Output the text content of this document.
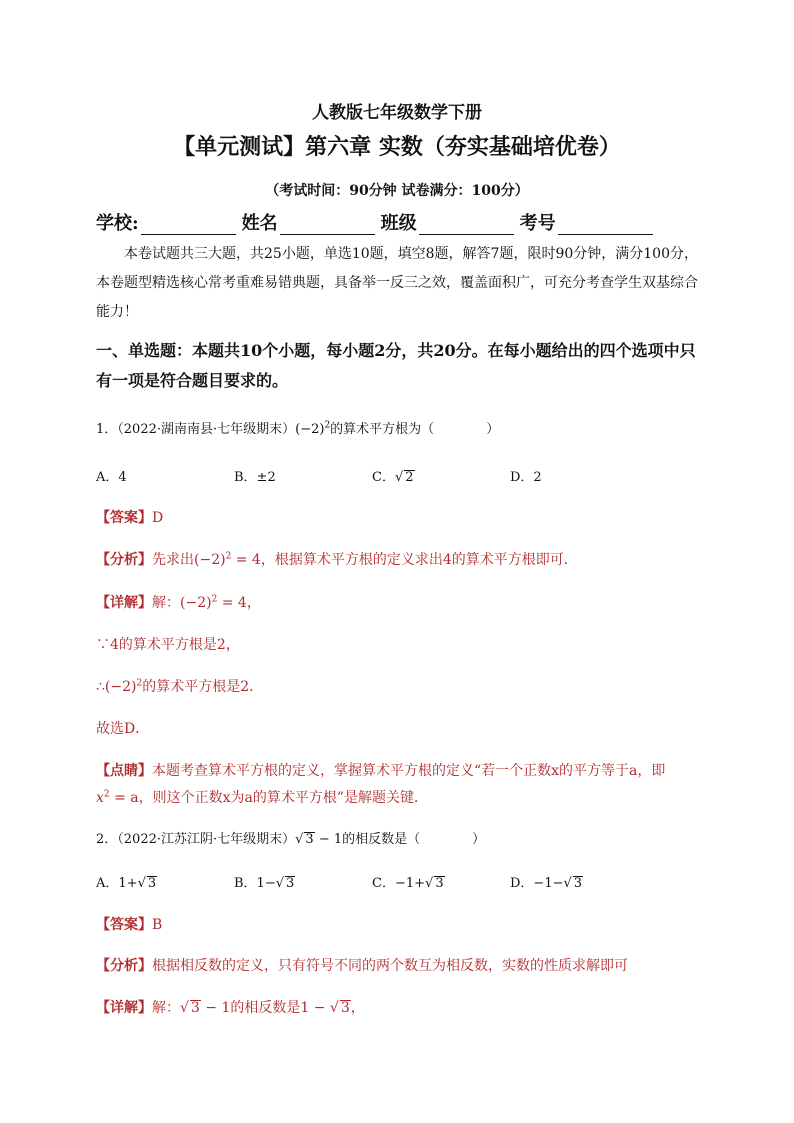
人教版七年级数学下册
【单元测试】第六章 实数（夯实基础培优卷）
（考试时间：90分钟 试卷满分：100分）
学校:	姓名	班级	考号
本卷试题共三大题，共25小题，单选10题，填空8题，解答7题，限时90分钟，满分100分，本卷题型精选核心常考重难易错典题，具备举一反三之效，覆盖面积广，可充分考查学生双基综合能力！
一、单选题：本题共10个小题，每小题2分，共20分。在每小题给出的四个选项中只有一项是符合题目要求的。
1．（2022·湖南南县·七年级期末）$(-2)^2$的算术平方根为（	）
A．4	B．±2	C．√ 2	D．2
【答案】D
【分析】先求出$(-2)^2 = 4$，根据算术平方根的定义求出4的算术平方根即可．
【详解】解：$(-2)^2 = 4$，
∵4的算术平方根是2，
$\therefore(-2)^2$的算术平方根是2．
故选D．
【点睛】本题考查算术平方根的定义，掌握算术平方根的定义“若一个正数x的平方等于a，即
$x^2 = a$，则这个正数x为a的算术平方根”是解题关键．
2．（2022·江苏江阴·七年级期末）√ 3 − 1的相反数是（	）
A．1+√ 3	B．1−√ 3	C．−1+√ 3	D．−1−√ 3
【答案】B
【分析】根据相反数的定义，只有符号不同的两个数互为相反数，实数的性质求解即可
【详解】解：√ 3 − 1的相反数是1 − √ 3，
